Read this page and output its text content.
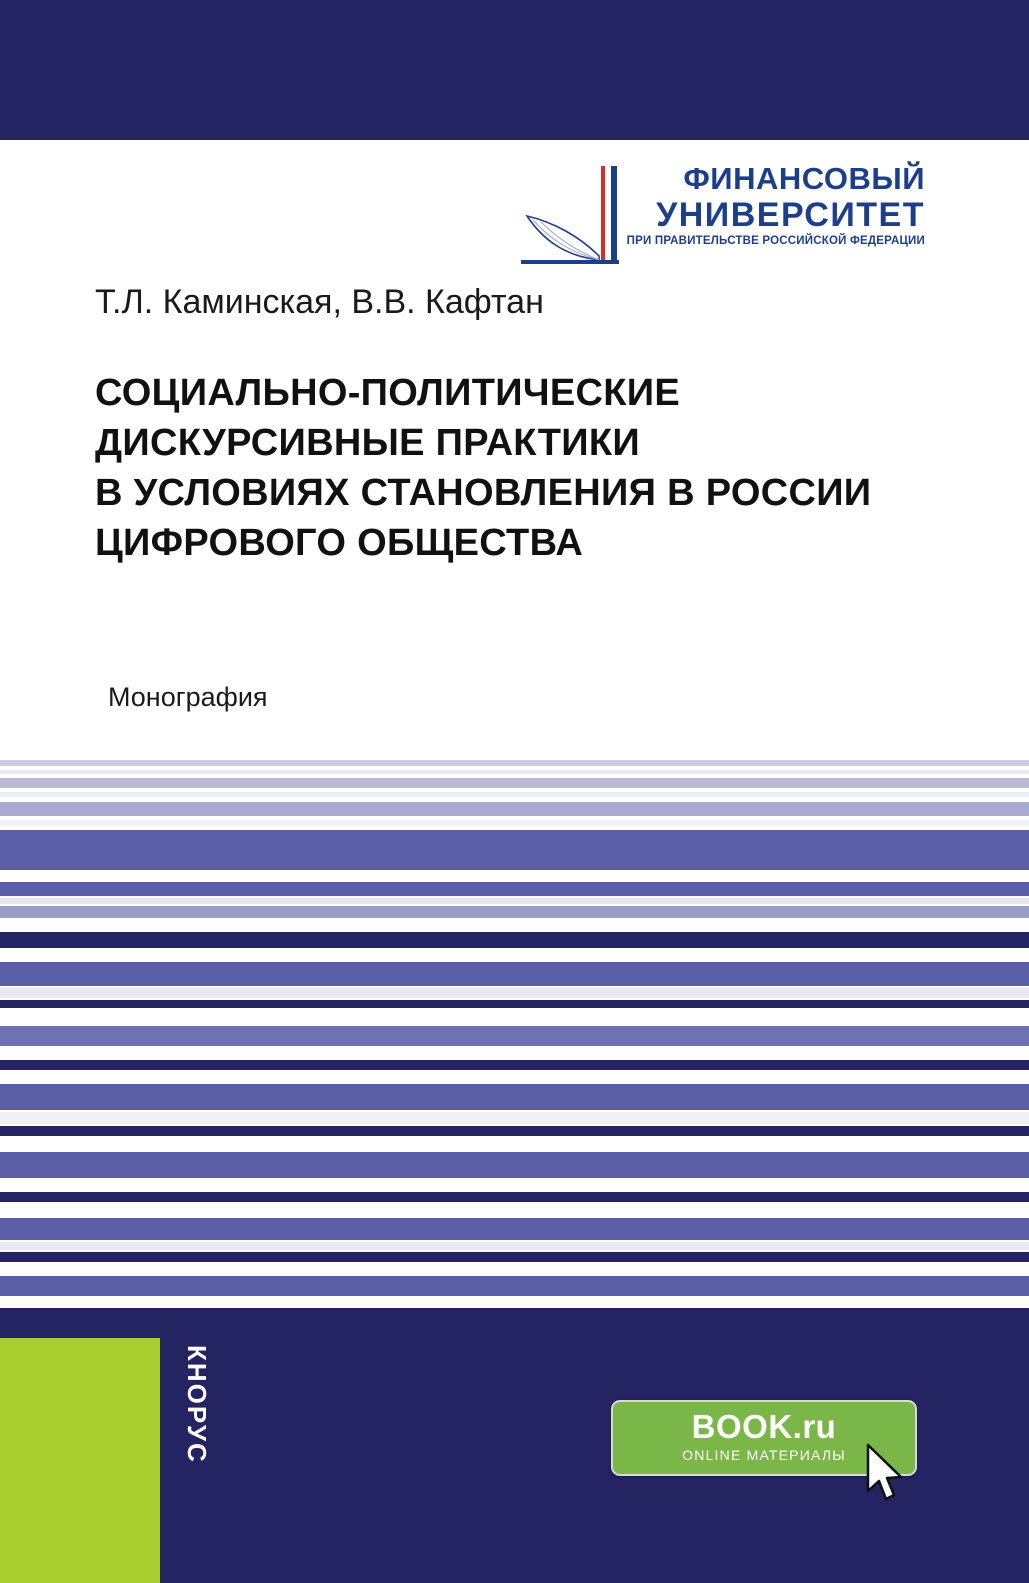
ФИНАНСОВЫЙ
УНИВЕРСИТЕТ
ПРИ ПРАВИТЕЛЬСТВЕ РОССИЙСКОЙ ФЕДЕРАЦИИ
Т.Л. Каминская, В.В. Кафтан
СОЦИАЛЬНО-ПОЛИТИЧЕСКИЕ
ДИСКУРСИВНЫЕ ПРАКТИКИ
В УСЛОВИЯХ СТАНОВЛЕНИЯ В РОССИИ
ЦИФРОВОГО ОБЩЕСТВА
Монография
КНОРУС	BOOK.ru
ONLINE МАТЕРИАЛЫ
